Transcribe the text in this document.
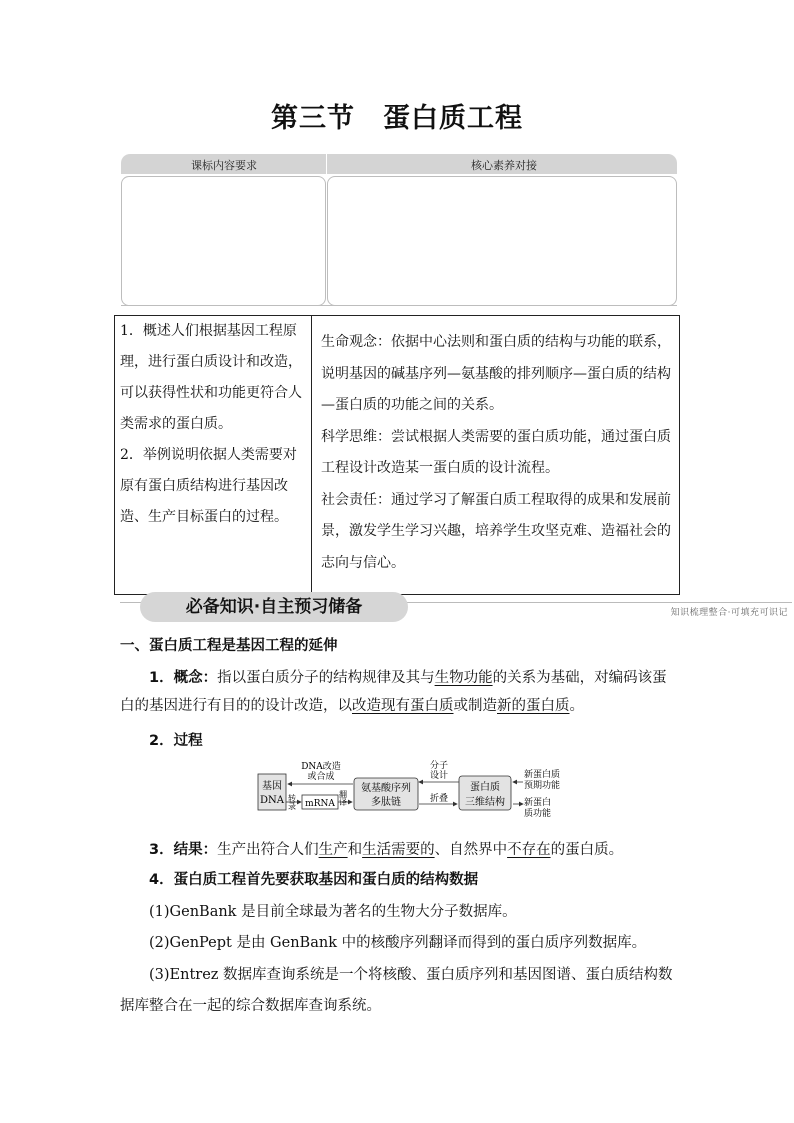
第三节 蛋白质工程
课标内容要求	核心素养对接

1．概述人们根据基因工程原理，进行蛋白质设计和改造，可以获得性状和功能更符合人类需求的蛋白质。

2．举例说明依据人类需要对原有蛋白质结构进行基因改造、生产目标蛋白的过程。

生命观念：依据中心法则和蛋白质的结构与功能的联系，说明基因的碱基序列—氨基酸的排列顺序—蛋白质的结构—蛋白质的功能之间的关系。

科学思维：尝试根据人类需要的蛋白质功能，通过蛋白质工程设计改造某一蛋白质的设计流程。

社会责任：通过学习了解蛋白质工程取得的成果和发展前景，激发学生学习兴趣，培养学生攻坚克难、造福社会的志向与信心。

必备知识·自主预习储备	知识梳理整合·可填充可识记
一、蛋白质工程是基因工程的延伸
1．概念：指以蛋白质分子的结构规律及其与生物功能的关系为基础，对编码该蛋白的基因进行有目的的设计改造，以改造现有蛋白质或制造新的蛋白质。
2．过程
基因
DNA 转录 mRNA 翻译
DNA改造
或合成
氨基酸序列
多肽链
分子
设计
折叠
蛋白质
三维结构
新蛋白质
预期功能
新蛋白
质功能
3．结果：生产出符合人们生产和生活需要的、自然界中不存在的蛋白质。
4．蛋白质工程首先要获取基因和蛋白质的结构数据
(1)GenBank 是目前全球最为著名的生物大分子数据库。
(2)GenPept 是由 GenBank 中的核酸序列翻译而得到的蛋白质序列数据库。
(3)Entrez 数据库查询系统是一个将核酸、蛋白质序列和基因图谱、蛋白质结构数据库整合在一起的综合数据库查询系统。
